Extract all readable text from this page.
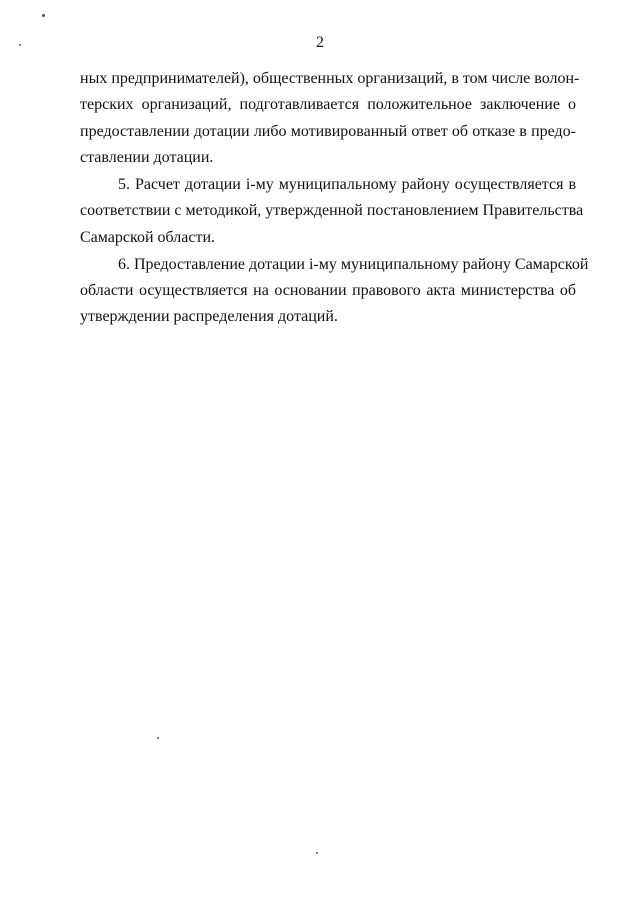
2
ных предпринимателей), общественных организаций, в том числе волон-
терских организаций, подготавливается положительное заключение о
предоставлении дотации либо мотивированный ответ об отказе в предо-
ставлении дотации.
5. Расчет дотации i-му муниципальному району осуществляется в
соответствии с методикой, утвержденной постановлением Правительства
Самарской области.
6. Предоставление дотации i-му муниципальному району Самарской
области осуществляется на основании правового акта министерства об
утверждении распределения дотаций.
